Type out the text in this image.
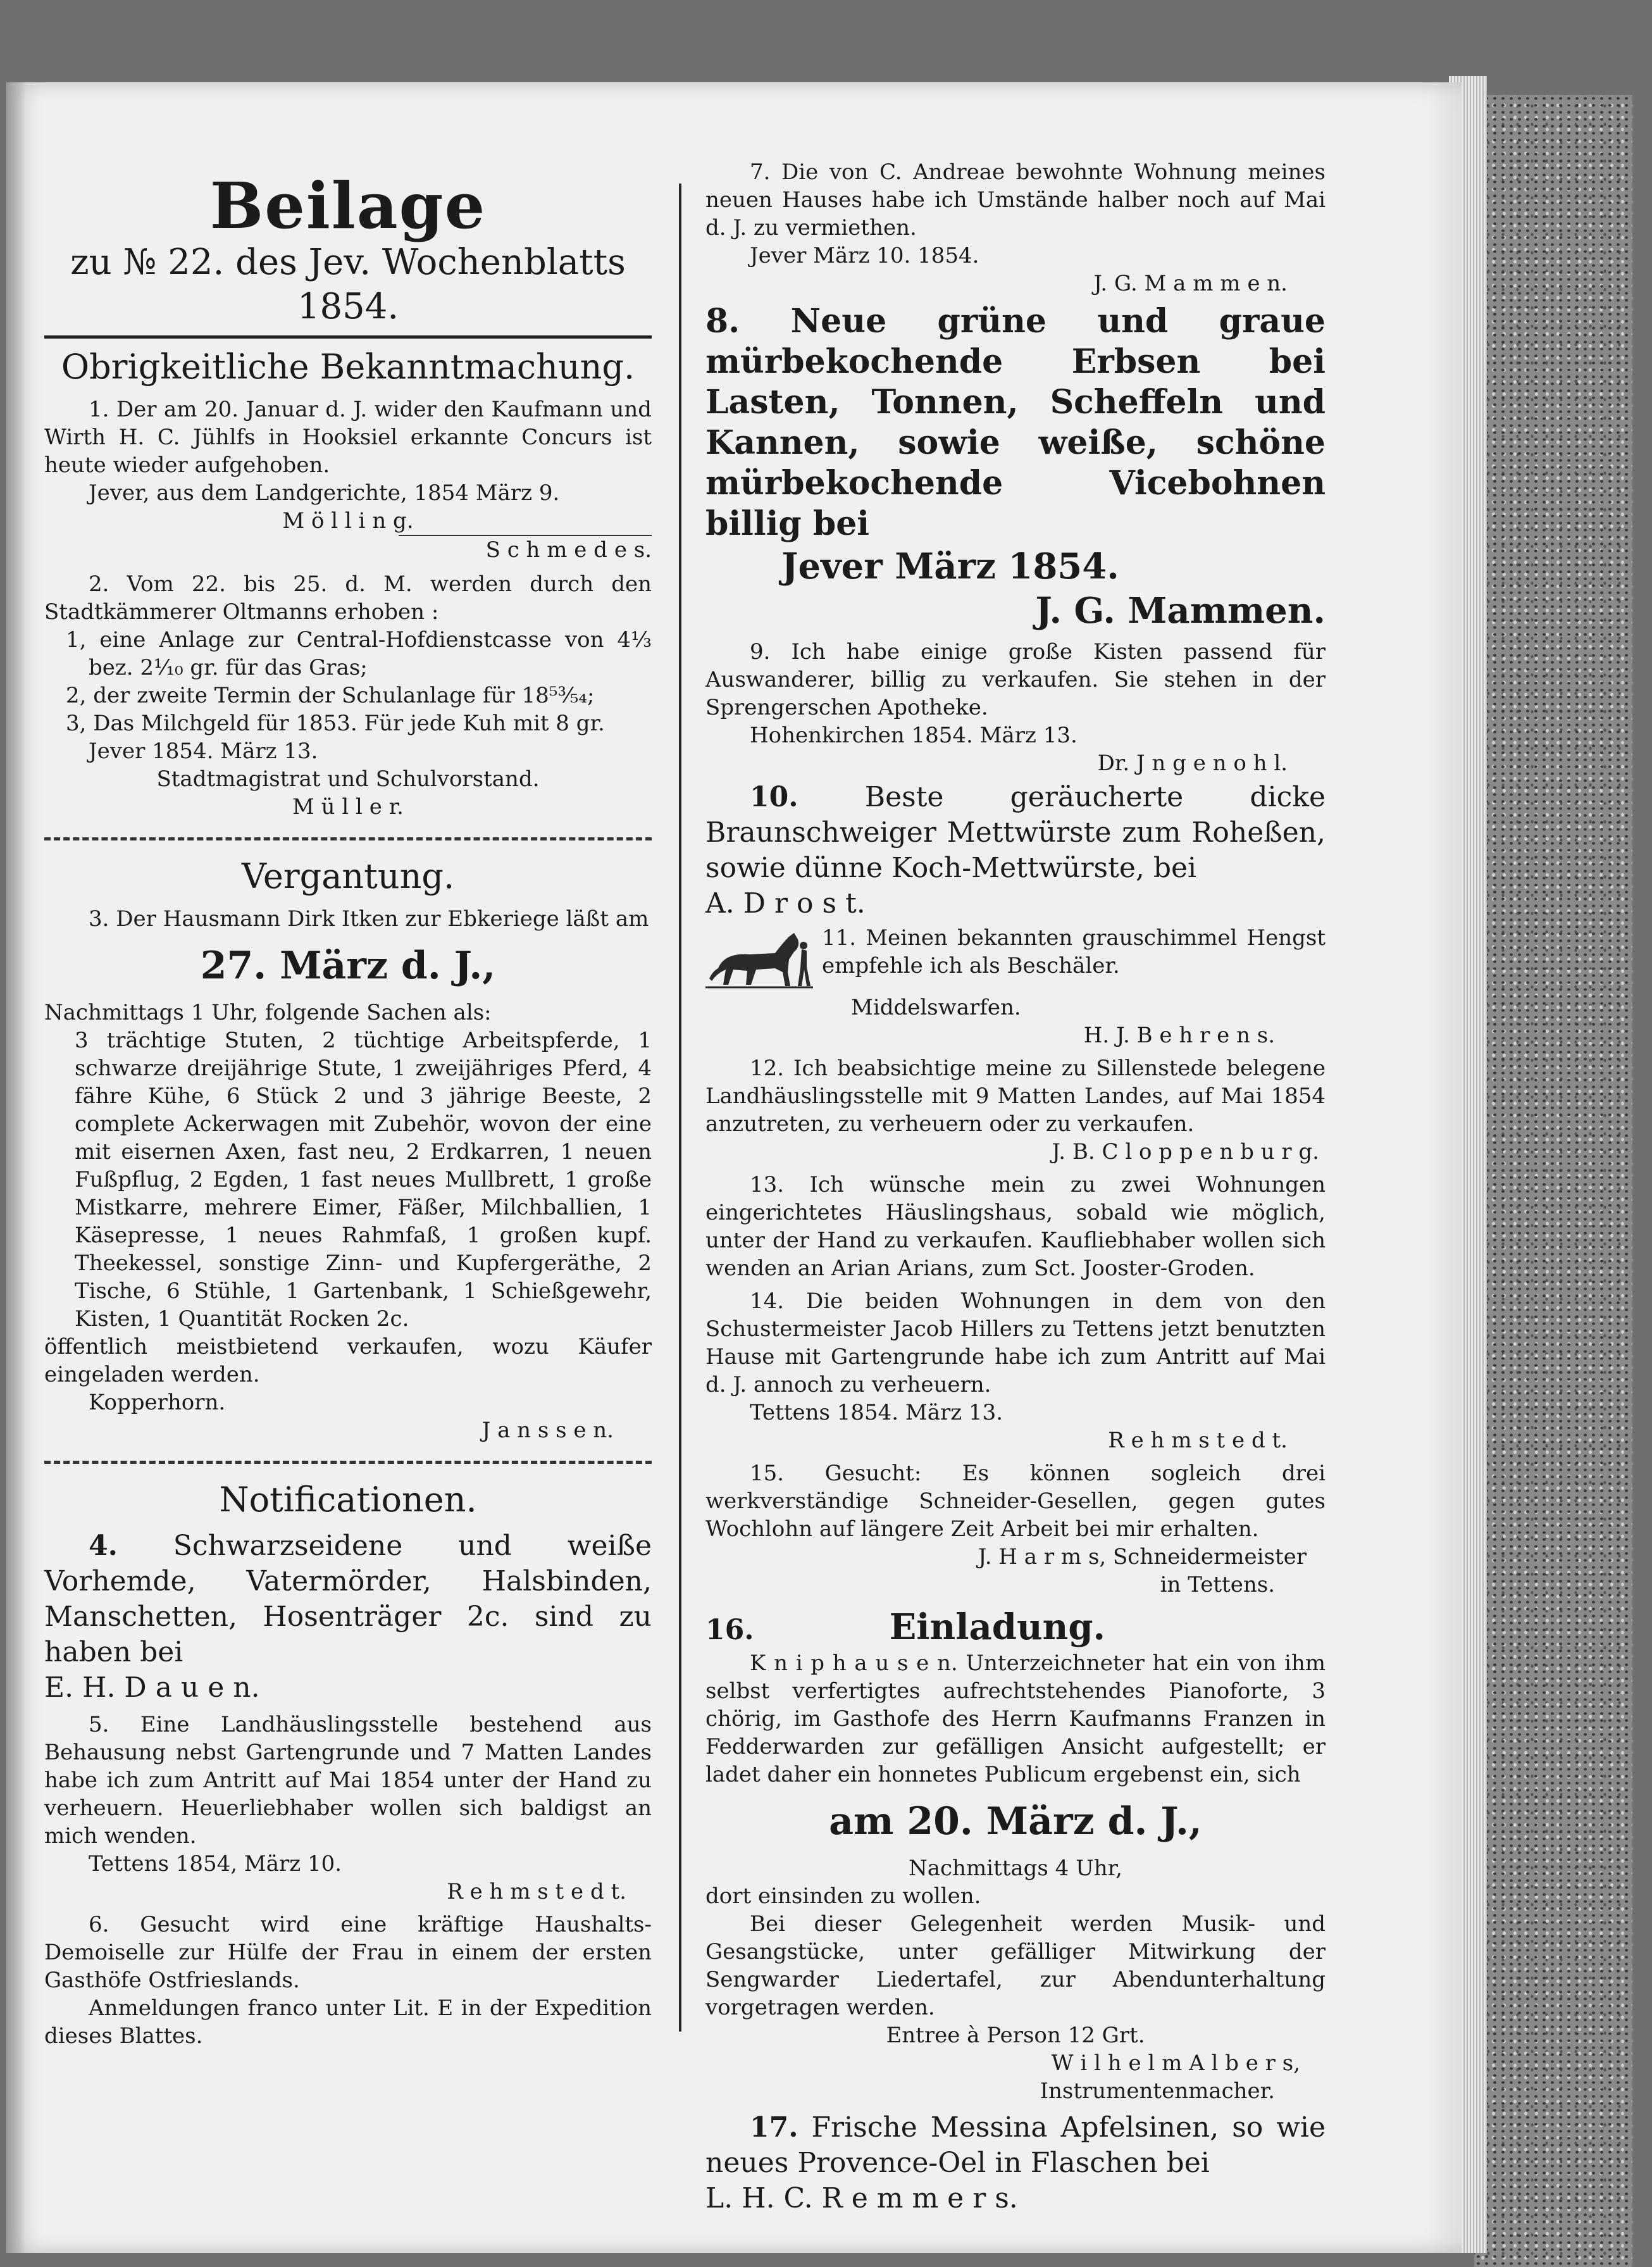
Beilage
zu № 22. des Jev. Wochenblatts 1854.
Obrigkeitliche Bekanntmachung.

1. Der am 20. Januar d. J. wider den Kaufmann und Wirth H. C. Jühlfs in Hooksiel erkannte Concurs ist heute wieder aufgehoben.

Jever, aus dem Landgerichte, 1854 März 9.

M ö l l i n g.

S c h m e d e s.

2. Vom 22. bis 25. d. M. werden durch den Stadtkämmerer Oltmanns erhoben :

1, eine Anlage zur Central-Hofdienstcasse von 4⅓ bez. 2¹⁄₁₀ gr. für das Gras;

2, der zweite Termin der Schulanlage für 18⁵³⁄₅₄;

3, Das Milchgeld für 1853. Für jede Kuh mit 8 gr.

Jever 1854. März 13.

Stadtmagistrat und Schulvorstand.

M ü l l e r.

Vergantung.

3. Der Hausmann Dirk Itken zur Ebkeriege läßt am

27. März d. J.,

Nachmittags 1 Uhr, folgende Sachen als:

3 trächtige Stuten, 2 tüchtige Arbeitspferde, 1 schwarze dreijährige Stute, 1 zweijähriges Pferd, 4 fähre Kühe, 6 Stück 2 und 3 jährige Beeste, 2 complete Ackerwagen mit Zubehör, wovon der eine mit eisernen Axen, fast neu, 2 Erdkarren, 1 neuen Fußpflug, 2 Egden, 1 fast neues Mullbrett, 1 große Mistkarre, mehrere Eimer, Fäßer, Milchballien, 1 Käsepresse, 1 neues Rahmfaß, 1 großen kupf. Theekessel, sonstige Zinn- und Kupfergeräthe, 2 Tische, 6 Stühle, 1 Gartenbank, 1 Schießgewehr, Kisten, 1 Quantität Rocken 2c.

öffentlich meistbietend verkaufen, wozu Käufer eingeladen werden.

Kopperhorn.

J a n s s e n.

Notificationen.

4. Schwarzseidene und weiße Vorhemde, Vatermörder, Halsbinden, Manschetten, Hosenträger 2c. sind zu haben bei

E. H. D a u e n.

5. Eine Landhäuslingsstelle bestehend aus Behausung nebst Gartengrunde und 7 Matten Landes habe ich zum Antritt auf Mai 1854 unter der Hand zu verheuern. Heuerliebhaber wollen sich baldigst an mich wenden.

Tettens 1854, März 10.

R e h m s t e d t.

6. Gesucht wird eine kräftige Haushalts-Demoiselle zur Hülfe der Frau in einem der ersten Gasthöfe Ostfrieslands.

Anmeldungen franco unter Lit. E in der Expedition dieses Blattes.

7. Die von C. Andreae bewohnte Wohnung meines neuen Hauses habe ich Umstände halber noch auf Mai d. J. zu vermiethen.

Jever März 10. 1854.

J. G. M a m m e n.

8. Neue grüne und graue mürbekochende Erbsen bei Lasten, Tonnen, Scheffeln und Kannen, sowie weiße, schöne mürbekochende Vicebohnen billig bei

Jever März 1854.

J. G. Mammen.

9. Ich habe einige große Kisten passend für Auswanderer, billig zu verkaufen. Sie stehen in der Sprengerschen Apotheke.

Hohenkirchen 1854. März 13.

Dr. J n g e n o h l.

10. Beste geräucherte dicke Braunschweiger Mettwürste zum Roheßen, sowie dünne Koch-Mettwürste, bei

A. D r o s t.

11. Meinen bekannten grauschimmel Hengst empfehle ich als Beschäler.

Middelswarfen.

H. J. B e h r e n s.

12. Ich beabsichtige meine zu Sillenstede belegene Landhäuslingsstelle mit 9 Matten Landes, auf Mai 1854 anzutreten, zu verheuern oder zu verkaufen.

J. B. C l o p p e n b u r g.

13. Ich wünsche mein zu zwei Wohnungen eingerichtetes Häuslingshaus, sobald wie möglich, unter der Hand zu verkaufen. Kaufliebhaber wollen sich wenden an Arian Arians, zum Sct. Jooster-Groden.

14. Die beiden Wohnungen in dem von den Schustermeister Jacob Hillers zu Tettens jetzt benutzten Hause mit Gartengrunde habe ich zum Antritt auf Mai d. J. annoch zu verheuern.

Tettens 1854. März 13.

R e h m s t e d t.

15. Gesucht: Es können sogleich drei werkverständige Schneider-Gesellen, gegen gutes Wochlohn auf längere Zeit Arbeit bei mir erhalten.

J. H a r m s, Schneidermeister

in Tettens.

16.	Einladung.

K n i p h a u s e n. Unterzeichneter hat ein von ihm selbst verfertigtes aufrechtstehendes Pianoforte, 3 chörig, im Gasthofe des Herrn Kaufmanns Franzen in Fedderwarden zur gefälligen Ansicht aufgestellt; er ladet daher ein honnetes Publicum ergebenst ein, sich

am 20. März d. J.,

Nachmittags 4 Uhr,

dort einsinden zu wollen.

Bei dieser Gelegenheit werden Musik- und Gesangstücke, unter gefälliger Mitwirkung der Sengwarder Liedertafel, zur Abendunterhaltung vorgetragen werden.

Entree à Person 12 Grt.

W i l h e l m A l b e r s,

Instrumentenmacher.

17. Frische Messina Apfelsinen, so wie neues Provence-Oel in Flaschen bei

L. H. C. R e m m e r s.
